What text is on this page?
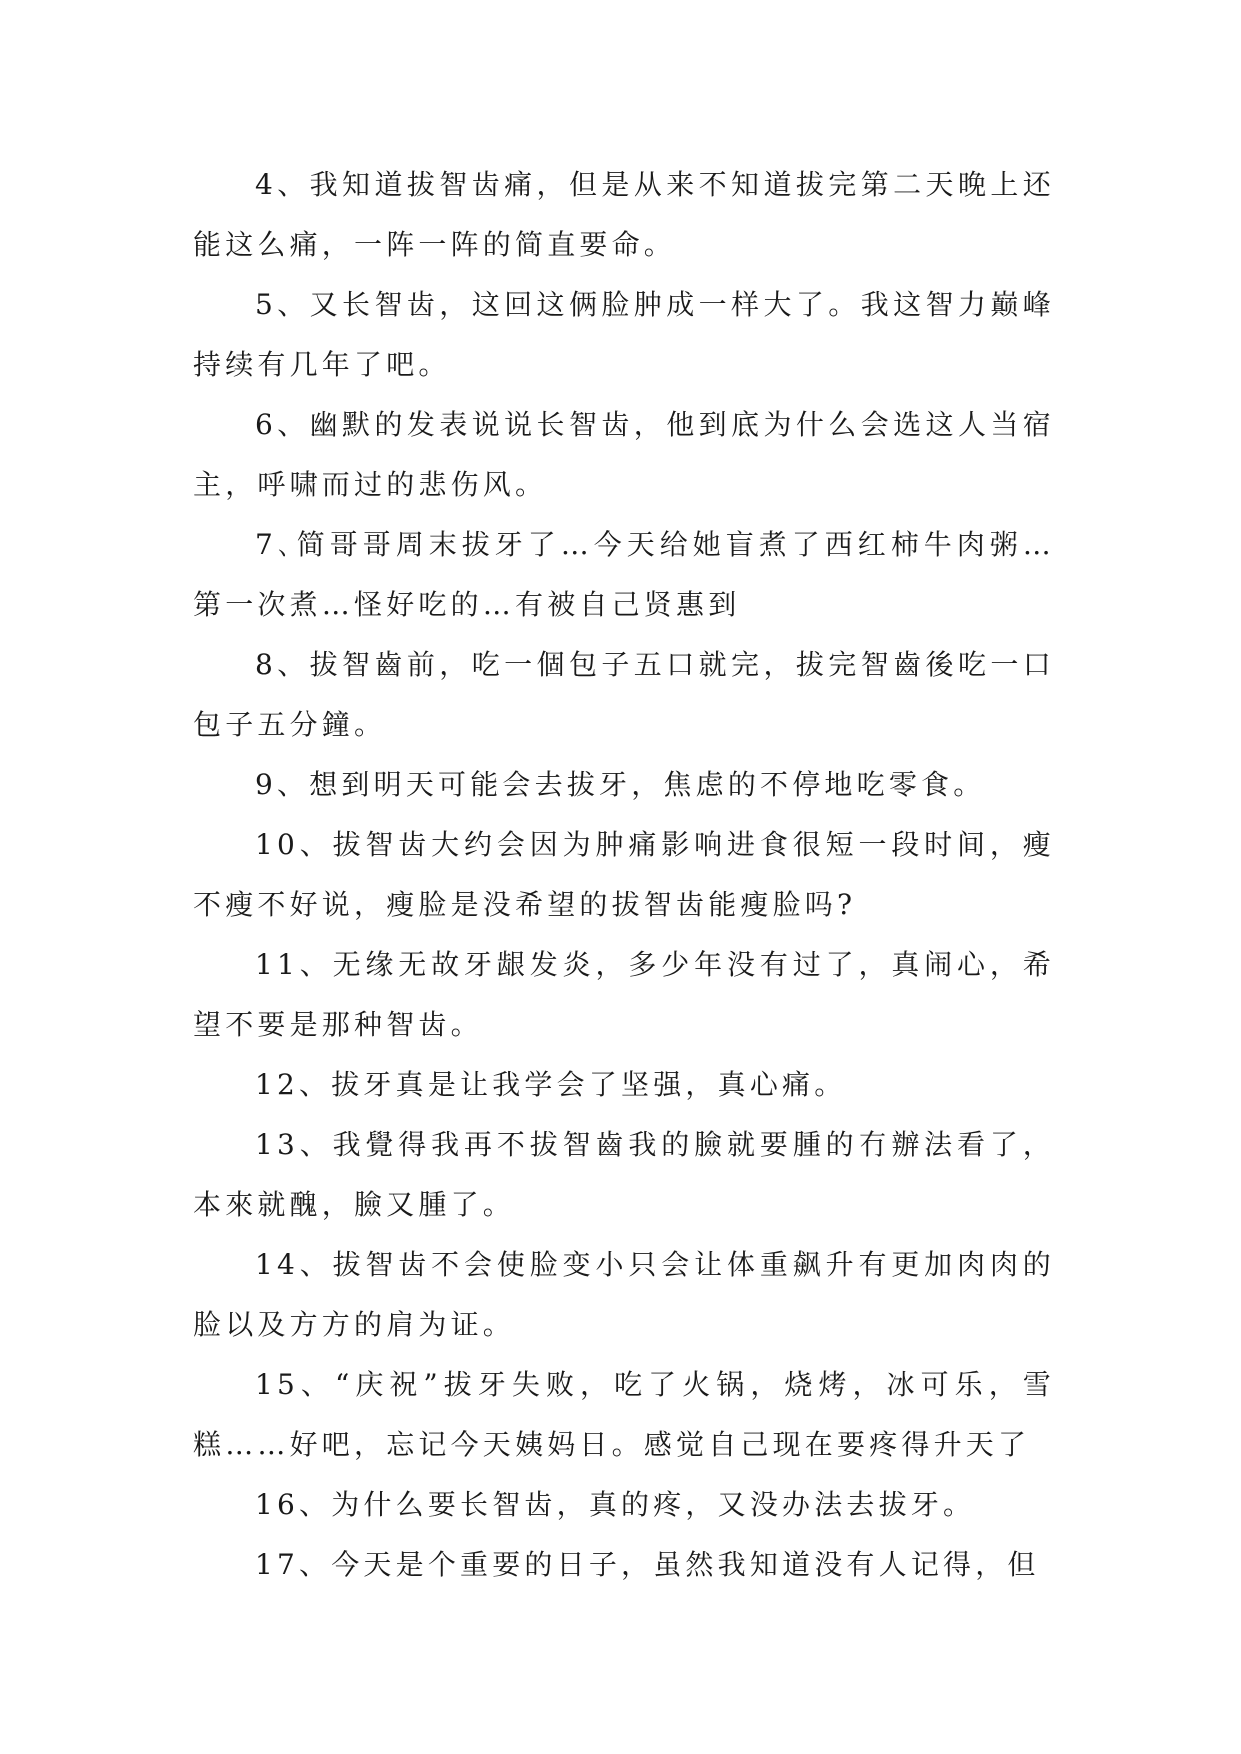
4、我知道拔智齿痛，但是从来不知道拔完第二天晚上还能这么痛，一阵一阵的简直要命。

5、又长智齿，这回这俩脸肿成一样大了。我这智力巅峰持续有几年了吧。

6、幽默的发表说说长智齿，他到底为什么会选这人当宿主，呼啸而过的悲伤风。

7､简哥哥周末拔牙了…今天给她盲煮了西红柿牛肉粥…第一次煮…怪好吃的…有被自己贤惠到

8、拔智齒前，吃一個包子五口就完，拔完智齒後吃一口包子五分鐘。

9、想到明天可能会去拔牙，焦虑的不停地吃零食。

10、拔智齿大约会因为肿痛影响进食很短一段时间，瘦不瘦不好说，瘦脸是没希望的拔智齿能瘦脸吗?

11、无缘无故牙龈发炎，多少年没有过了，真闹心，希望不要是那种智齿。

12、拔牙真是让我学会了坚强，真心痛。

13、我覺得我再不拔智齒我的臉就要腫的冇辦法看了，本來就醜，臉又腫了。

14、拔智齿不会使脸变小只会让体重飙升有更加肉肉的脸以及方方的肩为证。

15、“庆祝”拔牙失败，吃了火锅，烧烤，冰可乐，雪糕……好吧，忘记今天姨妈日。感觉自己现在要疼得升天了

16、为什么要长智齿，真的疼，又没办法去拔牙。

17、今天是个重要的日子，虽然我知道没有人记得，但
